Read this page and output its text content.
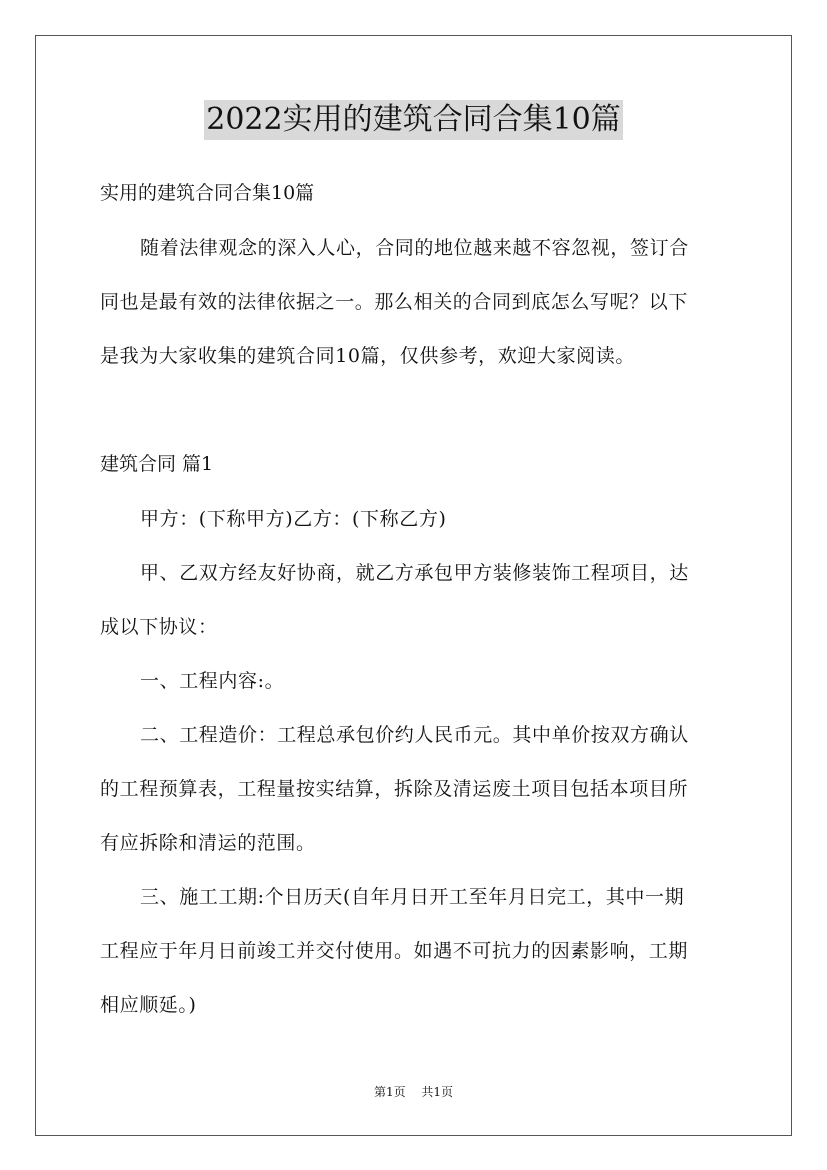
2022实用的建筑合同合集10篇

实用的建筑合同合集10篇

随着法律观念的深入人心，合同的地位越来越不容忽视，签订合

同也是最有效的法律依据之一。那么相关的合同到底怎么写呢？以下

是我为大家收集的建筑合同10篇，仅供参考，欢迎大家阅读。

建筑合同 篇1

甲方：(下称甲方)乙方：(下称乙方)

甲、乙双方经友好协商，就乙方承包甲方装修装饰工程项目，达

成以下协议：

一、工程内容:。

二、工程造价：工程总承包价约人民币元。其中单价按双方确认

的工程预算表，工程量按实结算，拆除及清运废土项目包括本项目所

有应拆除和清运的范围。

三、施工工期:个日历天(自年月日开工至年月日完工，其中一期

工程应于年月日前竣工并交付使用。如遇不可抗力的因素影响，工期

相应顺延。)

第1页 共1页
